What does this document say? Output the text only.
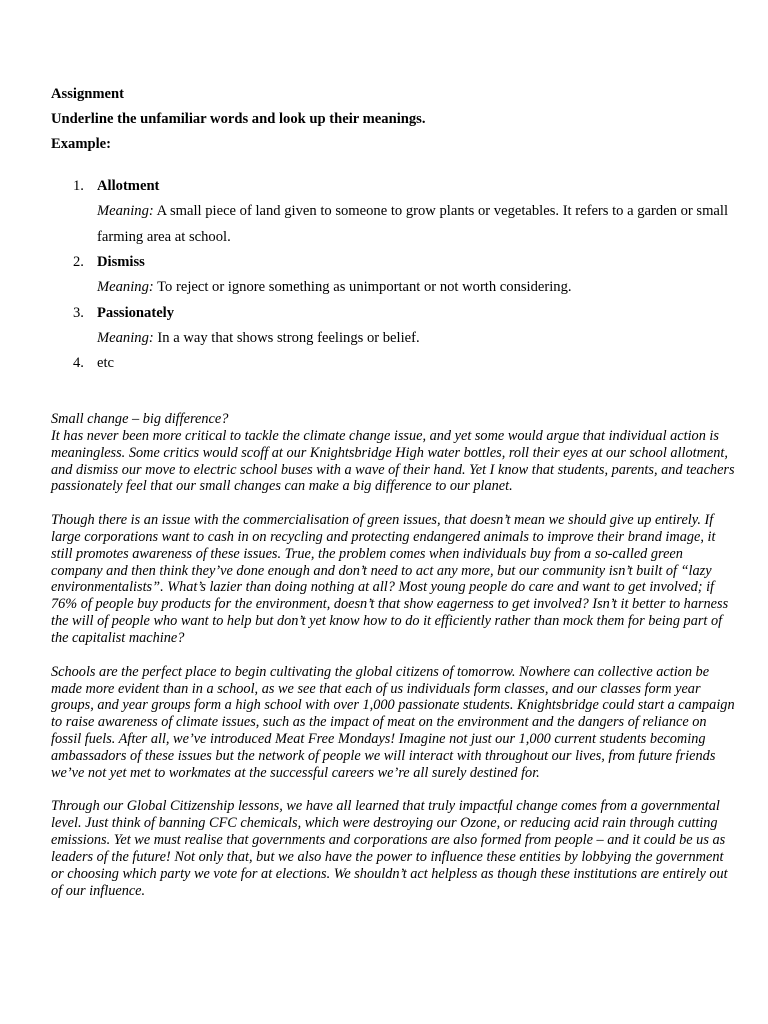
Assignment

Underline the unfamiliar words and look up their meanings.

Example:

1. Allotment
Meaning: A small piece of land given to someone to grow plants or vegetables. It refers to a garden or small farming area at school.
2. Dismiss
Meaning: To reject or ignore something as unimportant or not worth considering.
3. Passionately
Meaning: In a way that shows strong feelings or belief.
4. etc

Small change – big difference?

It has never been more critical to tackle the climate change issue, and yet some would argue that individual action is meaningless. Some critics would scoff at our Knightsbridge High water bottles, roll their eyes at our school allotment, and dismiss our move to electric school buses with a wave of their hand. Yet I know that students, parents, and teachers passionately feel that our small changes can make a big difference to our planet.

Though there is an issue with the commercialisation of green issues, that doesn’t mean we should give up entirely. If large corporations want to cash in on recycling and protecting endangered animals to improve their brand image, it still promotes awareness of these issues. True, the problem comes when individuals buy from a so-called green company and then think they’ve done enough and don’t need to act any more, but our community isn’t built of “lazy environmentalists”. What’s lazier than doing nothing at all? Most young people do care and want to get involved; if 76% of people buy products for the environment, doesn’t that show eagerness to get involved? Isn’t it better to harness the will of people who want to help but don’t yet know how to do it efficiently rather than mock them for being part of the capitalist machine?

Schools are the perfect place to begin cultivating the global citizens of tomorrow. Nowhere can collective action be made more evident than in a school, as we see that each of us individuals form classes, and our classes form year groups, and year groups form a high school with over 1,000 passionate students. Knightsbridge could start a campaign to raise awareness of climate issues, such as the impact of meat on the environment and the dangers of reliance on fossil fuels. After all, we’ve introduced Meat Free Mondays! Imagine not just our 1,000 current students becoming ambassadors of these issues but the network of people we will interact with throughout our lives, from future friends we’ve not yet met to workmates at the successful careers we’re all surely destined for.

Through our Global Citizenship lessons, we have all learned that truly impactful change comes from a governmental level. Just think of banning CFC chemicals, which were destroying our Ozone, or reducing acid rain through cutting emissions. Yet we must realise that governments and corporations are also formed from people – and it could be us as leaders of the future! Not only that, but we also have the power to influence these entities by lobbying the government or choosing which party we vote for at elections. We shouldn’t act helpless as though these institutions are entirely out of our influence.
